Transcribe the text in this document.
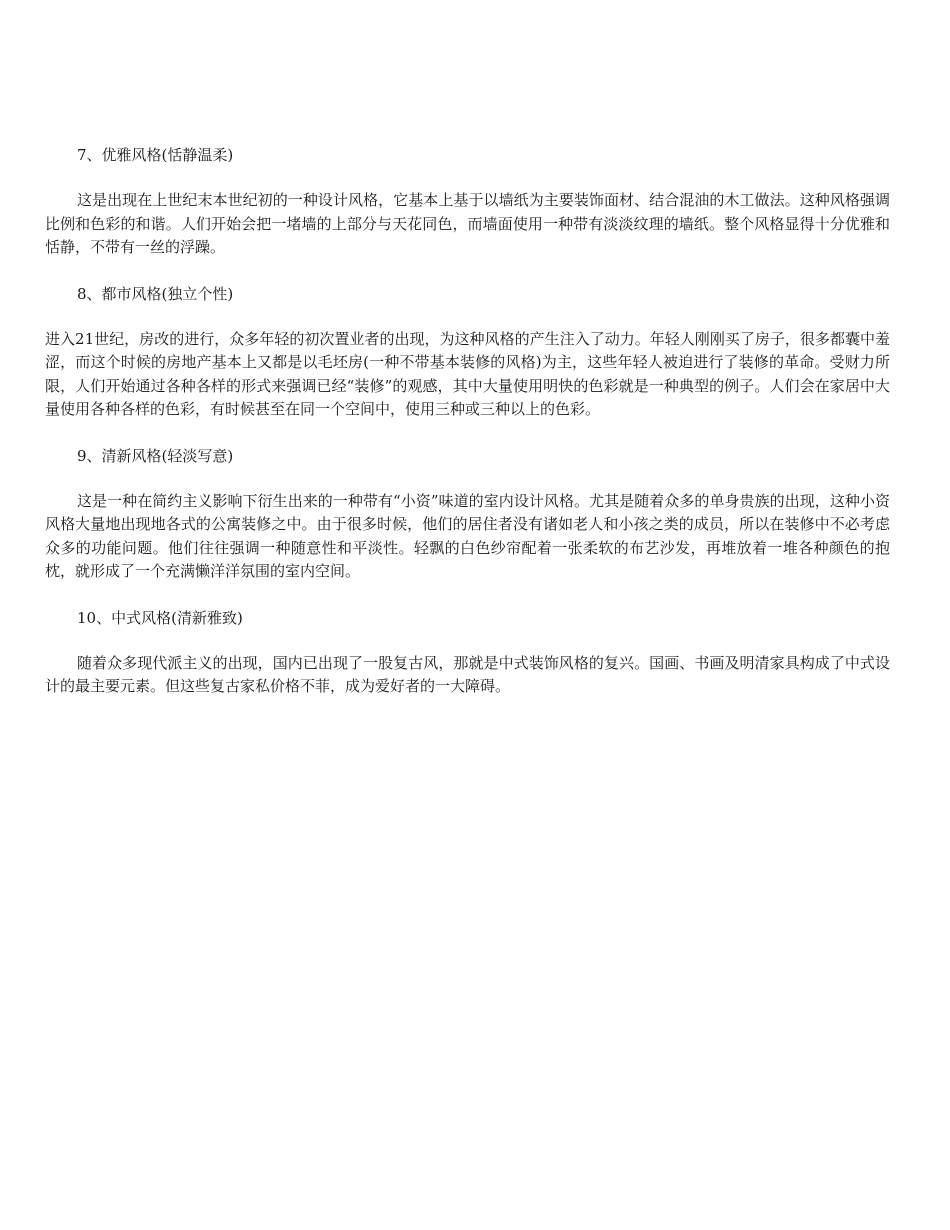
7、优雅风格(恬静温柔)

这是出现在上世纪末本世纪初的一种设计风格，它基本上基于以墙纸为主要装饰面材、结合混油的木工做法。这种风格强调比例和色彩的和谐。人们开始会把一堵墙的上部分与天花同色，而墙面使用一种带有淡淡纹理的墙纸。整个风格显得十分优雅和恬静，不带有一丝的浮躁。

8、都市风格(独立个性)

进入21世纪，房改的进行，众多年轻的初次置业者的出现，为这种风格的产生注入了动力。年轻人刚刚买了房子，很多都囊中羞涩，而这个时候的房地产基本上又都是以毛坯房(一种不带基本装修的风格)为主，这些年轻人被迫进行了装修的革命。受财力所限，人们开始通过各种各样的形式来强调已经“装修”的观感，其中大量使用明快的色彩就是一种典型的例子。人们会在家居中大量使用各种各样的色彩，有时候甚至在同一个空间中，使用三种或三种以上的色彩。

9、清新风格(轻淡写意)

这是一种在简约主义影响下衍生出来的一种带有“小资”味道的室内设计风格。尤其是随着众多的单身贵族的出现，这种小资风格大量地出现地各式的公寓装修之中。由于很多时候，他们的居住者没有诸如老人和小孩之类的成员，所以在装修中不必考虑众多的功能问题。他们往往强调一种随意性和平淡性。轻飘的白色纱帘配着一张柔软的布艺沙发，再堆放着一堆各种颜色的抱枕，就形成了一个充满懒洋洋氛围的室内空间。

10、中式风格(清新雅致)

随着众多现代派主义的出现，国内已出现了一股复古风，那就是中式装饰风格的复兴。国画、书画及明清家具构成了中式设计的最主要元素。但这些复古家私价格不菲，成为爱好者的一大障碍。
